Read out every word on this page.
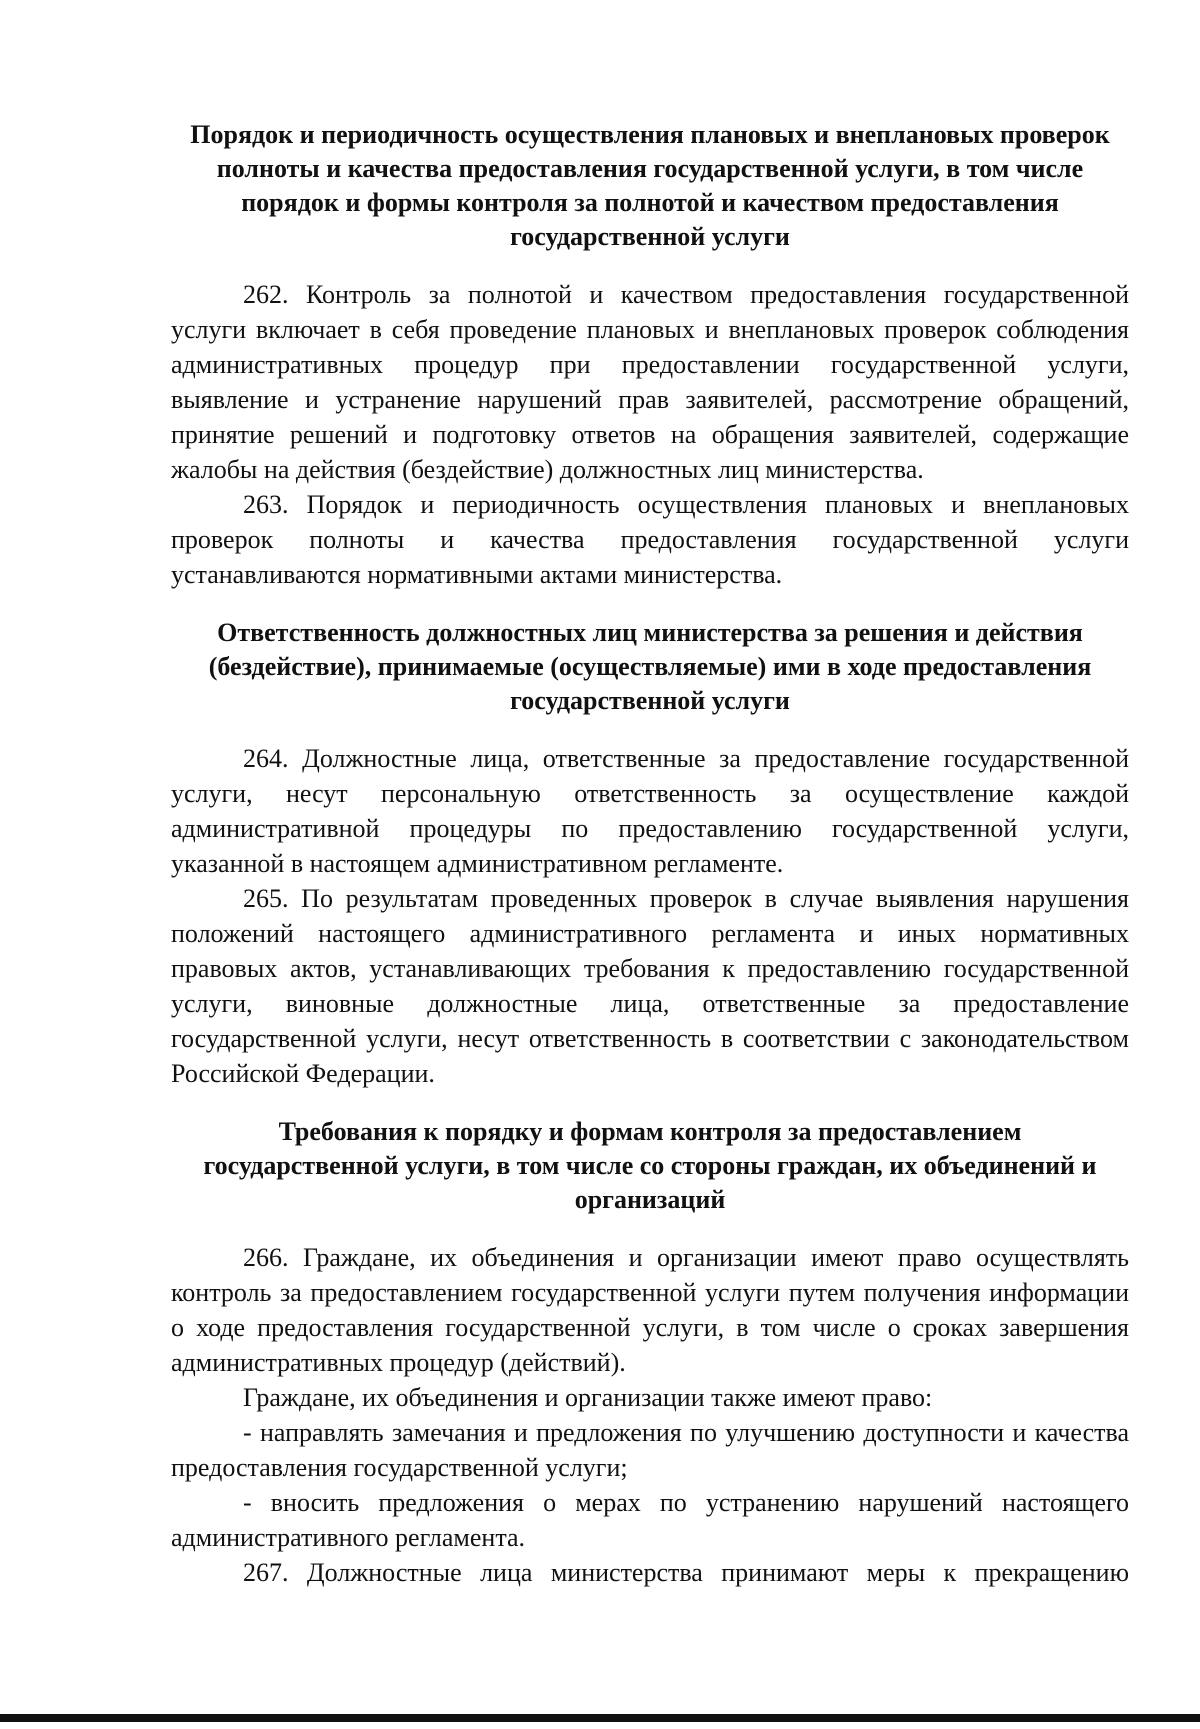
Порядок и периодичность осуществления плановых и внеплановых проверок
полноты и качества предоставления государственной услуги, в том числе
порядок и формы контроля за полнотой и качеством предоставления
государственной услуги

262. Контроль за полнотой и качеством предоставления государственной услуги включает в себя проведение плановых и внеплановых проверок соблюдения административных процедур при предоставлении государственной услуги, выявление и устранение нарушений прав заявителей, рассмотрение обращений, принятие решений и подготовку ответов на обращения заявителей, содержащие жалобы на действия (бездействие) должностных лиц министерства.

263. Порядок и периодичность осуществления плановых и внеплановых проверок полноты и качества предоставления государственной услуги устанавливаются нормативными актами министерства.

Ответственность должностных лиц министерства за решения и действия
(бездействие), принимаемые (осуществляемые) ими в ходе предоставления
государственной услуги

264. Должностные лица, ответственные за предоставление государственной услуги, несут персональную ответственность за осуществление каждой административной процедуры по предоставлению государственной услуги, указанной в настоящем административном регламенте.

265. По результатам проведенных проверок в случае выявления нарушения положений настоящего административного регламента и иных нормативных правовых актов, устанавливающих требования к предоставлению государственной услуги, виновные должностные лица, ответственные за предоставление государственной услуги, несут ответственность в соответствии с законодательством Российской Федерации.

Требования к порядку и формам контроля за предоставлением
государственной услуги, в том числе со стороны граждан, их объединений и
организаций

266. Граждане, их объединения и организации имеют право осуществлять контроль за предоставлением государственной услуги путем получения информации о ходе предоставления государственной услуги, в том числе о сроках завершения административных процедур (действий).

Граждане, их объединения и организации также имеют право:

- направлять замечания и предложения по улучшению доступности и качества предоставления государственной услуги;

- вносить предложения о мерах по устранению нарушений настоящего административного регламента.

267. Должностные лица министерства принимают меры к прекращению
